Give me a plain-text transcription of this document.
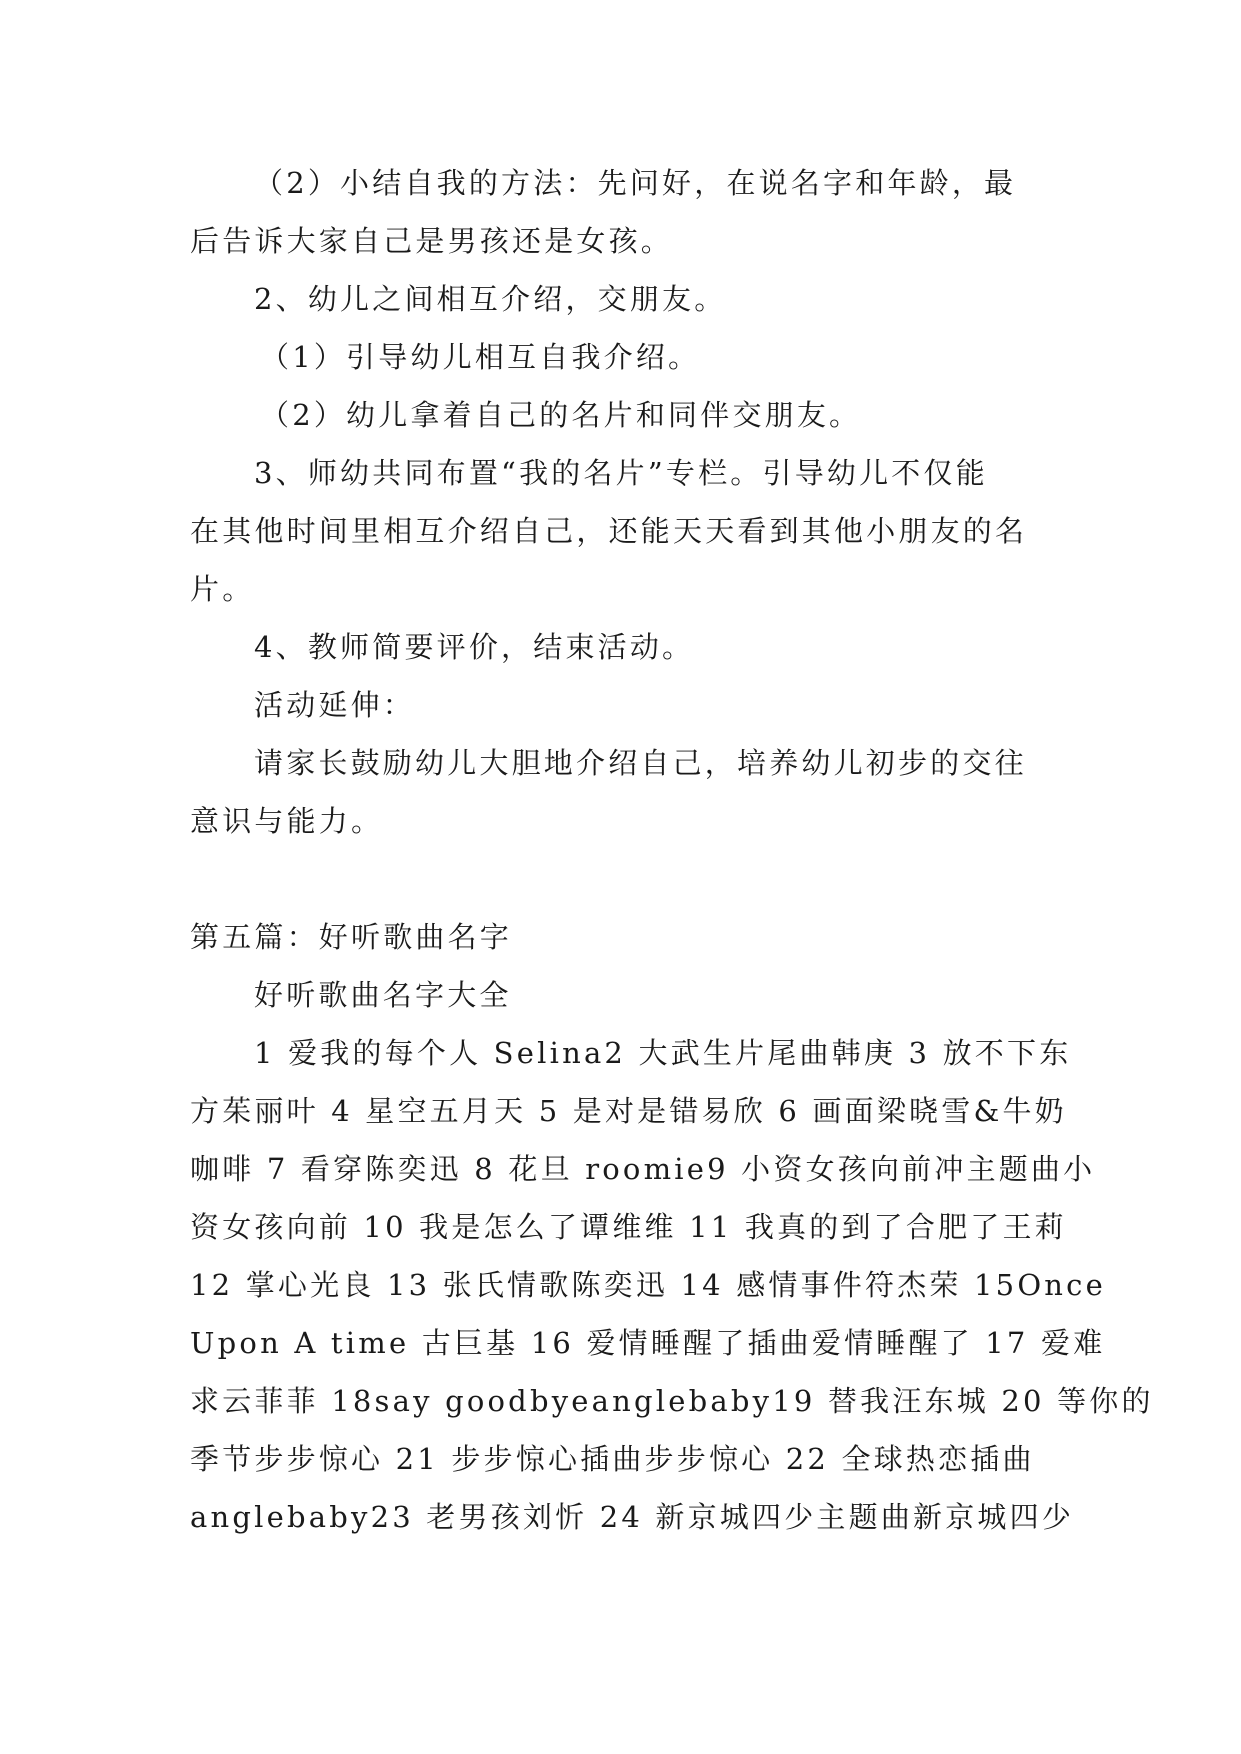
（2）小结自我的方法：先问好，在说名字和年龄，最
后告诉大家自己是男孩还是女孩。
2、幼儿之间相互介绍，交朋友。
（1）引导幼儿相互自我介绍。
（2）幼儿拿着自己的名片和同伴交朋友。
3、师幼共同布置“我的名片”专栏。引导幼儿不仅能
在其他时间里相互介绍自己，还能天天看到其他小朋友的名
片。
4、教师简要评价，结束活动。
活动延伸：
请家长鼓励幼儿大胆地介绍自己，培养幼儿初步的交往
意识与能力。
第五篇：好听歌曲名字
好听歌曲名字大全
1 爱我的每个人 Selina2 大武生片尾曲韩庚 3 放不下东
方茱丽叶 4 星空五月天 5 是对是错易欣 6 画面梁晓雪&牛奶
咖啡 7 看穿陈奕迅 8 花旦 roomie9 小资女孩向前冲主题曲小
资女孩向前 10 我是怎么了谭维维 11 我真的到了合肥了王莉
12 掌心光良 13 张氏情歌陈奕迅 14 感情事件符杰荣 15Once
Upon A time 古巨基 16 爱情睡醒了插曲爱情睡醒了 17 爱难
求云菲菲 18say goodbyeanglebaby19 替我汪东城 20 等你的
季节步步惊心 21 步步惊心插曲步步惊心 22 全球热恋插曲
anglebaby23 老男孩刘忻 24 新京城四少主题曲新京城四少
